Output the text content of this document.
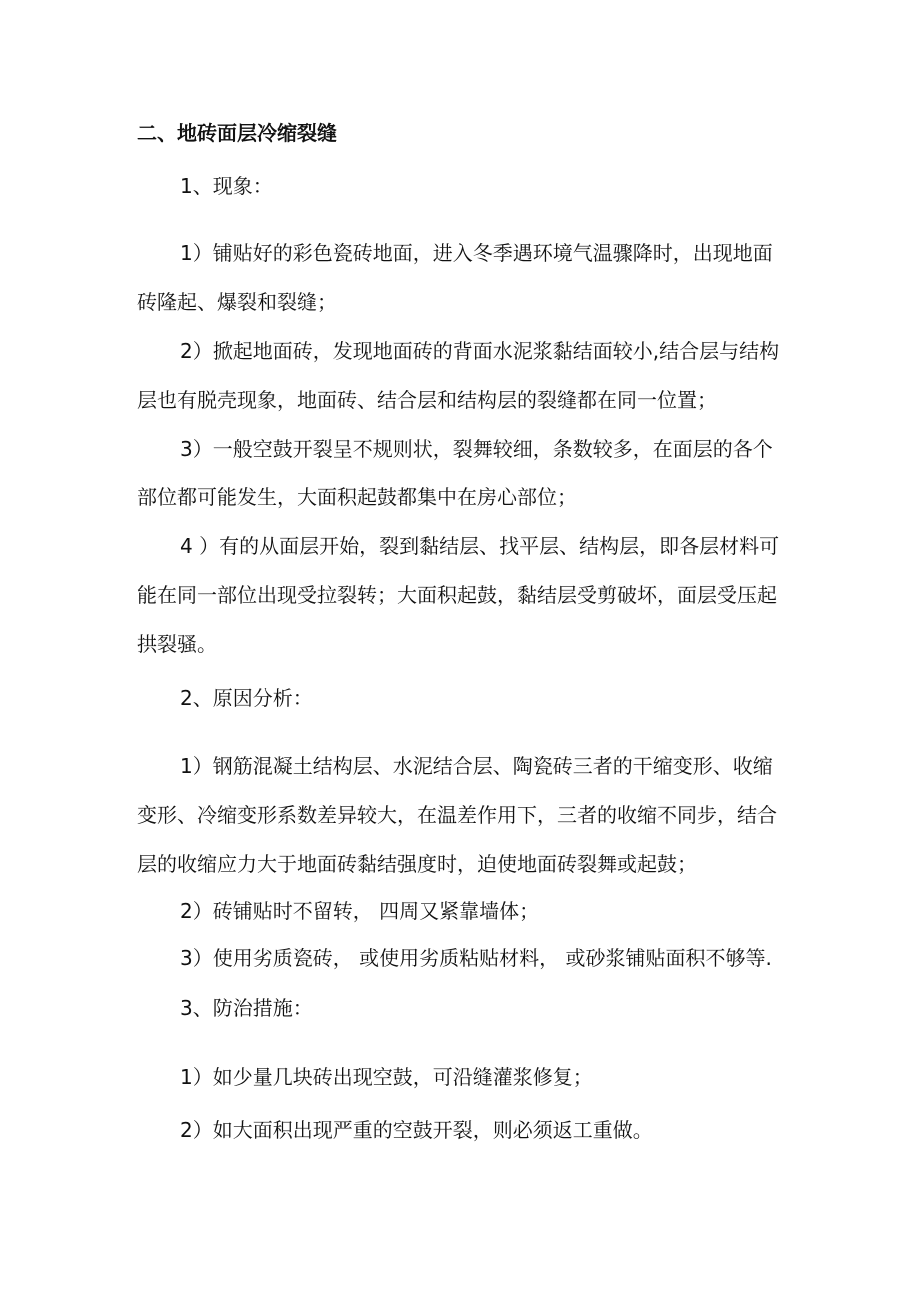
二、地砖面层冷缩裂缝
1、现象：
1）铺贴好的彩色瓷砖地面，进入冬季遇环境气温骤降时，出现地面
砖隆起、爆裂和裂缝；
2）掀起地面砖，发现地面砖的背面水泥浆黏结面较小,结合层与结构
层也有脱壳现象，地面砖、结合层和结构层的裂缝都在同一位置；
3）一般空鼓开裂呈不规则状，裂舞较细，条数较多，在面层的各个
部位都可能发生，大面积起鼓都集中在房心部位；
4 ）有的从面层开始，裂到黏结层、找平层、结构层，即各层材料可
能在同一部位出现受拉裂转；大面积起鼓，黏结层受剪破坏，面层受压起
拱裂骚。
2、原因分析：
1）钢筋混凝土结构层、水泥结合层、陶瓷砖三者的干缩变形、收缩
变形、冷缩变形系数差异较大，在温差作用下，三者的收缩不同步，结合
层的收缩应力大于地面砖黏结强度时，迫使地面砖裂舞或起鼓；
2）砖铺贴时不留转， 四周又紧靠墙体；
3）使用劣质瓷砖， 或使用劣质粘贴材料， 或砂浆铺贴面积不够等.
3、防治措施：
1）如少量几块砖出现空鼓，可沿缝灌浆修复；
2）如大面积出现严重的空鼓开裂，则必须返工重做。
